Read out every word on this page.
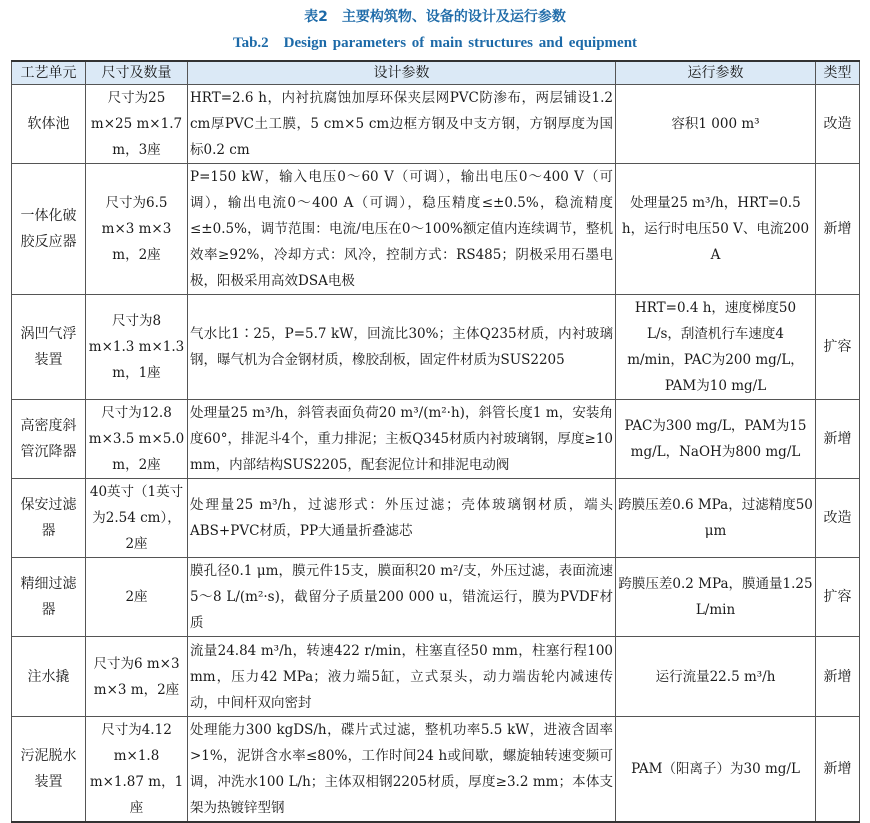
表2　主要构筑物、设备的设计及运行参数
Tab.2　Design parameters of main structures and equipment
工艺单元	尺寸及数量	设计参数	运行参数	类型
软体池	尺寸为25 m×25 m×1.7 m，3座	HRT=2.6 h，内衬抗腐蚀加厚环保夹层网PVC防渗布，两层铺设1.2 cm厚PVC土工膜，5 cm×5 cm边框方钢及中支方钢，方钢厚度为国标0.2 cm	容积1 000 m³	改造
一体化破胶反应器	尺寸为6.5 m×3 m×3 m，2座	P=150 kW，输入电压0～60 V（可调），输出电压0～400 V（可调），输出电流0～400 A（可调），稳压精度≤±0.5%，稳流精度≤±0.5%，调节范围：电流/电压在0～100%额定值内连续调节，整机效率≥92%，冷却方式：风冷，控制方式：RS485；阴极采用石墨电极，阳极采用高效DSA电极	处理量25 m³/h，HRT=0.5 h，运行时电压50 V、电流200 A	新增
涡凹气浮装置	尺寸为8 m×1.3 m×1.3 m，1座	气水比1∶25，P=5.7 kW，回流比30%；主体Q235材质，内衬玻璃钢，曝气机为合金钢材质，橡胶刮板，固定件材质为SUS2205	HRT=0.4 h，速度梯度50 L/s，刮渣机行车速度4 m/min，PAC为200 mg/L，PAM为10 mg/L	扩容
高密度斜管沉降器	尺寸为12.8 m×3.5 m×5.0 m，2座	处理量25 m³/h，斜管表面负荷20 m³/(m²·h)，斜管长度1 m，安装角度60°，排泥斗4个，重力排泥；主板Q345材质内衬玻璃钢，厚度≥10 mm，内部结构SUS2205，配套泥位计和排泥电动阀	PAC为300 mg/L，PAM为15 mg/L，NaOH为800 mg/L	新增
保安过滤器	40英寸（1英寸为2.54 cm），2座	处理量25 m³/h，过滤形式：外压过滤；壳体玻璃钢材质，端头ABS+PVC材质，PP大通量折叠滤芯	跨膜压差0.6 MPa，过滤精度50 μm	改造
精细过滤器	2座	膜孔径0.1 μm，膜元件15支，膜面积20 m²/支，外压过滤，表面流速5～8 L/(m²·s)，截留分子质量200 000 u，错流运行，膜为PVDF材质	跨膜压差0.2 MPa，膜通量1.25 L/min	扩容
注水撬	尺寸为6 m×3 m×3 m，2座	流量24.84 m³/h，转速422 r/min，柱塞直径50 mm，柱塞行程100 mm，压力42 MPa；液力端5缸，立式泵头，动力端齿轮内减速传动，中间杆双向密封	运行流量22.5 m³/h	新增
污泥脱水装置	尺寸为4.12 m×1.8 m×1.87 m，1座	处理能力300 kgDS/h，碟片式过滤，整机功率5.5 kW，进液含固率>1%，泥饼含水率≤80%，工作时间24 h或间歇，螺旋轴转速变频可调，冲洗水100 L/h；主体双相钢2205材质，厚度≥3.2 mm；本体支架为热镀锌型钢	PAM（阳离子）为30 mg/L	新增
